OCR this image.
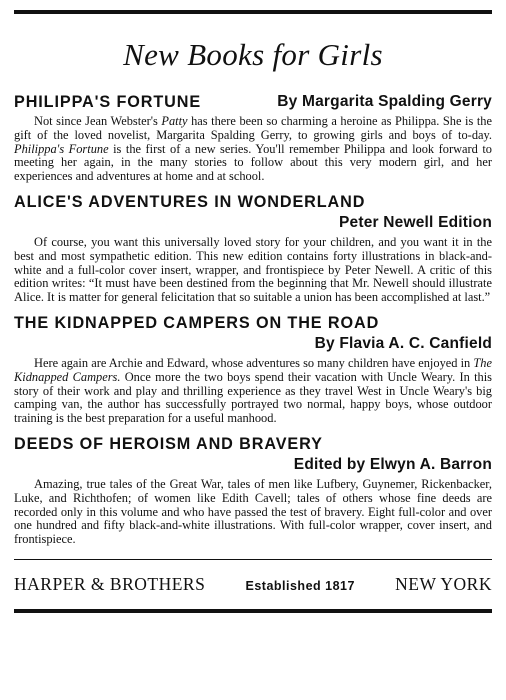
New Books for Girls
PHILIPPA'S FORTUNE	By Margarita Spalding Gerry

Not since Jean Webster's Patty has there been so charming a heroine as Philippa. She is the gift of the loved novelist, Margarita Spalding Gerry, to growing girls and boys of to-day. Philippa's Fortune is the first of a new series. You'll remember Philippa and look forward to meeting her again, in the many stories to follow about this very modern girl, and her experiences and adventures at home and at school.

ALICE'S ADVENTURES IN WONDERLAND
Peter Newell Edition

Of course, you want this universally loved story for your children, and you want it in the best and most sympathetic edition. This new edition contains forty illustrations in black-and-white and a full-color cover insert, wrapper, and frontispiece by Peter Newell. A critic of this edition writes: “It must have been destined from the beginning that Mr. Newell should illustrate Alice. It is matter for general felicitation that so suitable a union has been accomplished at last.”

THE KIDNAPPED CAMPERS ON THE ROAD
By Flavia A. C. Canfield

Here again are Archie and Edward, whose adventures so many children have enjoyed in The Kidnapped Campers. Once more the two boys spend their vacation with Uncle Weary. In this story of their work and play and thrilling experience as they travel West in Uncle Weary's big camping van, the author has successfully portrayed two normal, happy boys, whose outdoor training is the best preparation for a useful manhood.

DEEDS OF HEROISM AND BRAVERY
Edited by Elwyn A. Barron

Amazing, true tales of the Great War, tales of men like Lufbery, Guynemer, Rickenbacker, Luke, and Richthofen; of women like Edith Cavell; tales of others whose fine deeds are recorded only in this volume and who have passed the test of bravery. Eight full-color and over one hundred and fifty black-and-white illustrations. With full-color wrapper, cover insert, and frontispiece.

HARPER & BROTHERS	Established 1817 NEW YORK
